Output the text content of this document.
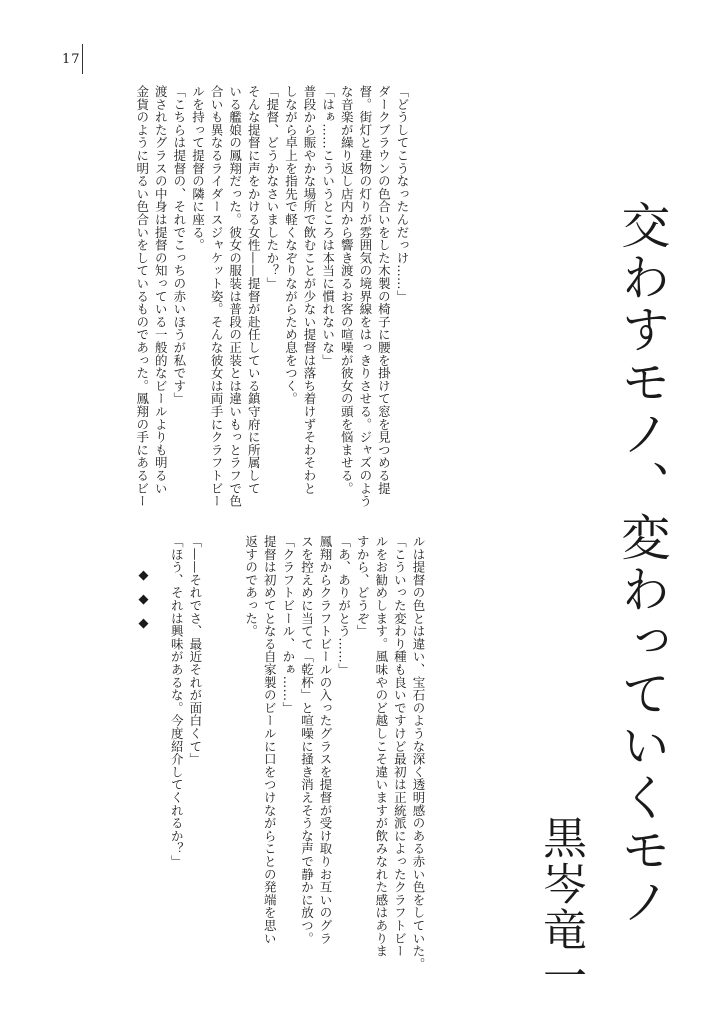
17
交わすモノ、変わっていくモノ
黒岑竜一
「どうしてこうなったんだっけ……」
ダークブラウンの色合いをした木製の椅子に腰を掛けて窓を見つめる提
督。街灯と建物の灯りが雰囲気の境界線をはっきりさせる。ジャズのよう
な音楽が繰り返し店内から響き渡るお客の喧噪が彼女の頭を悩ませる。
「はぁ……こういうところは本当に慣れないな」
普段から賑やかな場所で飲むことが少ない提督は落ち着けずそわそわと
しながら卓上を指先で軽くなぞりながらため息をつく。
「提督、どうかなさいましたか？」
そんな提督に声をかける女性——提督が赴任している鎮守府に所属して
いる艦娘の鳳翔だった。彼女の服装は普段の正装とは違いもっとラフで色
合いも異なるライダースジャケット姿。そんな彼女は両手にクラフトビー
ルを持って提督の隣に座る。
「こちらは提督の、それでこっちの赤いほうが私です」
渡されたグラスの中身は提督の知っている一般的なビールよりも明るい
金貨のように明るい色合いをしているものであった。鳳翔の手にあるビー
ルは提督の色とは違い、宝石のような深く透明感のある赤い色をしていた。
「こういった変わり種も良いですけど最初は正統派によったクラフトビー
ルをお勧めします。風味やのど越しこそ違いますが飲みなれた感はありま
すから、どうぞ」
「あ、ありがとう……」
鳳翔からクラフトビールの入ったグラスを提督が受け取りお互いのグラ
スを控えめに当てて「乾杯」と喧噪に掻き消えそうな声で静かに放つ。
「クラフトビール、かぁ……」
提督は初めてとなる自家製のビールに口をつけながらことの発端を思い
返すのであった。

「——それでさ、最近それが面白くて」
「ほう、それは興味があるな。今度紹介してくれるか？」
◆◆◆
